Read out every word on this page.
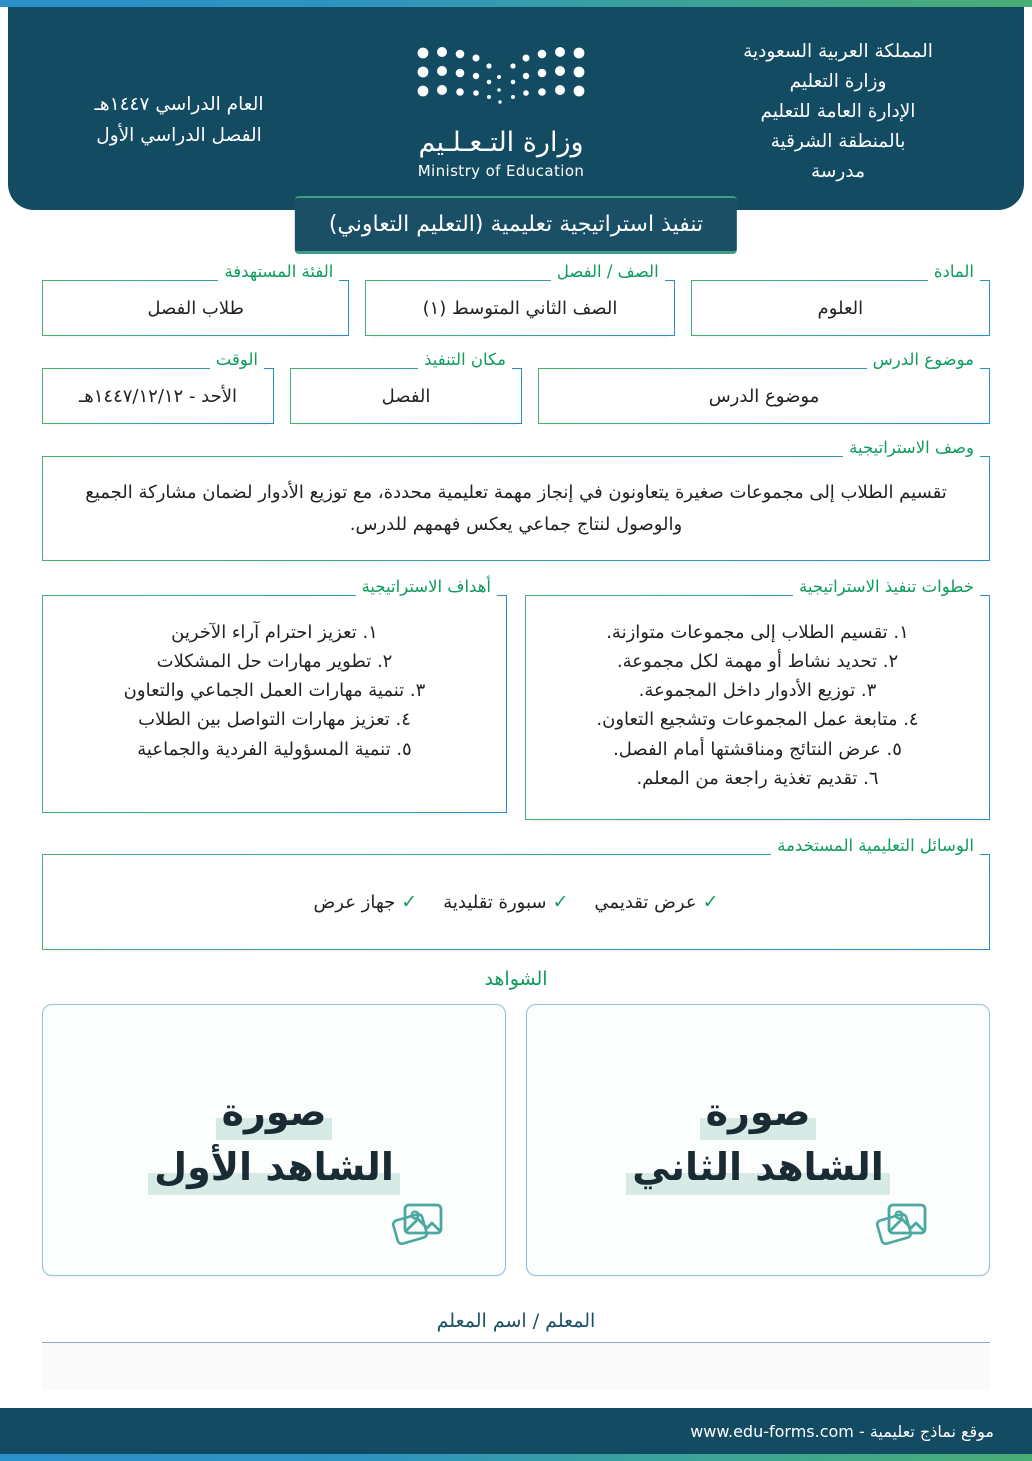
المملكة العربية السعودية
وزارة التعليم
الإدارة العامة للتعليم
بالمنطقة الشرقية
مدرسة
وزارة التـعـلـيم
Ministry of Education
العام الدراسي ١٤٤٧هـ
الفصل الدراسي الأول
تنفيذ استراتيجية تعليمية (التعليم التعاوني)
المادة
العلوم
الصف / الفصل
الصف الثاني المتوسط (١)
الفئة المستهدفة
طلاب الفصل
موضوع الدرس
موضوع الدرس
مكان التنفيذ
الفصل
الوقت
الأحد - ١٤٤٧/١٢/١٢هـ
وصف الاستراتيجية
تقسيم الطلاب إلى مجموعات صغيرة يتعاونون في إنجاز مهمة تعليمية محددة، مع توزيع الأدوار لضمان مشاركة الجميع والوصول لنتاج جماعي يعكس فهمهم للدرس.
خطوات تنفيذ الاستراتيجية
١. تقسيم الطلاب إلى مجموعات متوازنة.
٢. تحديد نشاط أو مهمة لكل مجموعة.
٣. توزيع الأدوار داخل المجموعة.
٤. متابعة عمل المجموعات وتشجيع التعاون.
٥. عرض النتائج ومناقشتها أمام الفصل.
٦. تقديم تغذية راجعة من المعلم.
أهداف الاستراتيجية
١. تعزيز احترام آراء الآخرين
٢. تطوير مهارات حل المشكلات
٣. تنمية مهارات العمل الجماعي والتعاون
٤. تعزيز مهارات التواصل بين الطلاب
٥. تنمية المسؤولية الفردية والجماعية
الوسائل التعليمية المستخدمة
✓عرض تقديمي
✓سبورة تقليدية
✓جهاز عرض
الشواهد
صورة
الشاهد الثاني
صورة
الشاهد الأول
المعلم / اسم المعلم
موقع نماذج تعليمية - www.edu-forms.com
